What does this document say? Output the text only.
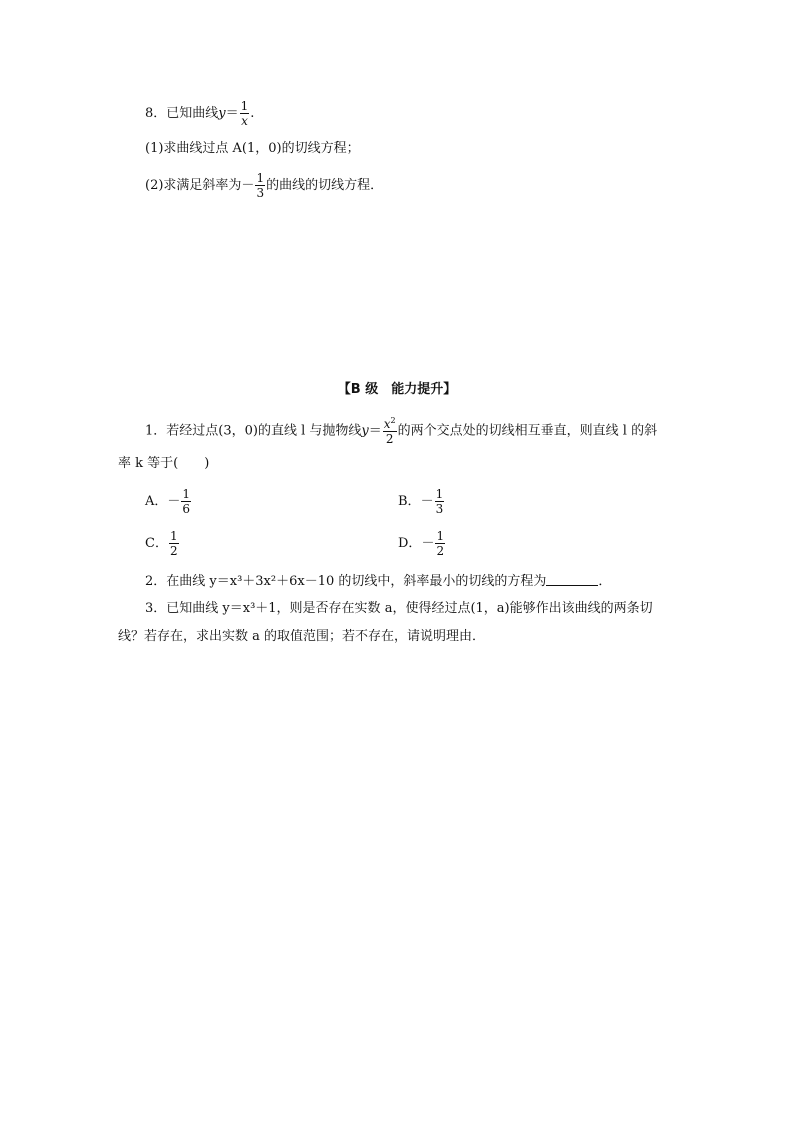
8．已知曲线$y= \frac{1}{x}$ .
(1)求曲线过点 A(1，0)的切线方程；
(2)求满足斜率为－ $\frac{1}{3}$ 的曲线的切线方程．
【B 级　能力提升】
1．若经过点(3，0)的直线 l 与抛物线$y= \frac{x^2}{2}$ 的两个交点处的切线相互垂直，则直线 l 的斜
率 k 等于(　　)
A．－ $\frac{1}{6}$	B．－ $\frac{1}{3}$
C． $\frac{1}{2}$	D．－ $\frac{1}{2}$
2．在曲线 y＝x³＋3x²＋6x－10 的切线中，斜率最小的切线的方程为	．
3．已知曲线 y＝x³＋1，则是否存在实数 a，使得经过点(1，a)能够作出该曲线的两条切
线？若存在，求出实数 a 的取值范围；若不存在，请说明理由．
